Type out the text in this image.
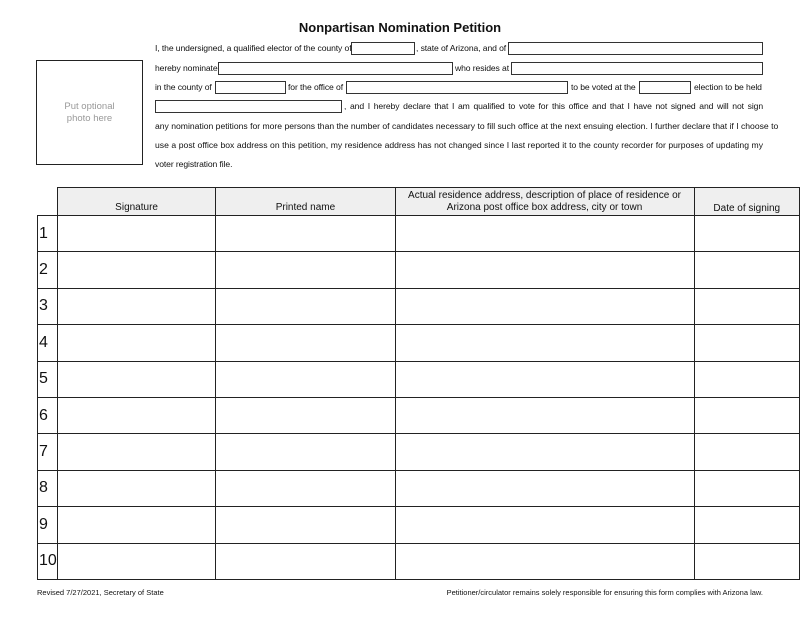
Nonpartisan Nomination Petition
Put optional photo here
I, the undersigned, a qualified elector of the county of	, state of Arizona, and of
hereby nominate	who resides at
in the county of	for the office of	to be voted at the	election to be held
, and I hereby declare that I am qualified to vote for this office and that I have not signed and will not sign
any nomination petitions for more persons than the number of candidates necessary to fill such office at the next ensuing election. I further declare that if I choose to
use a post office box address on this petition, my residence address has not changed since I last reported it to the county recorder for purposes of updating my
voter registration file.
	Signature	Printed name	Actual residence address, description of place of residence or Arizona post office box address, city or town	Date of signing
1				
2				
3				
4				
5				
6				
7				
8				
9				
10				
Revised 7/27/2021, Secretary of State	Petitioner/circulator remains solely responsible for ensuring this form complies with Arizona law.
